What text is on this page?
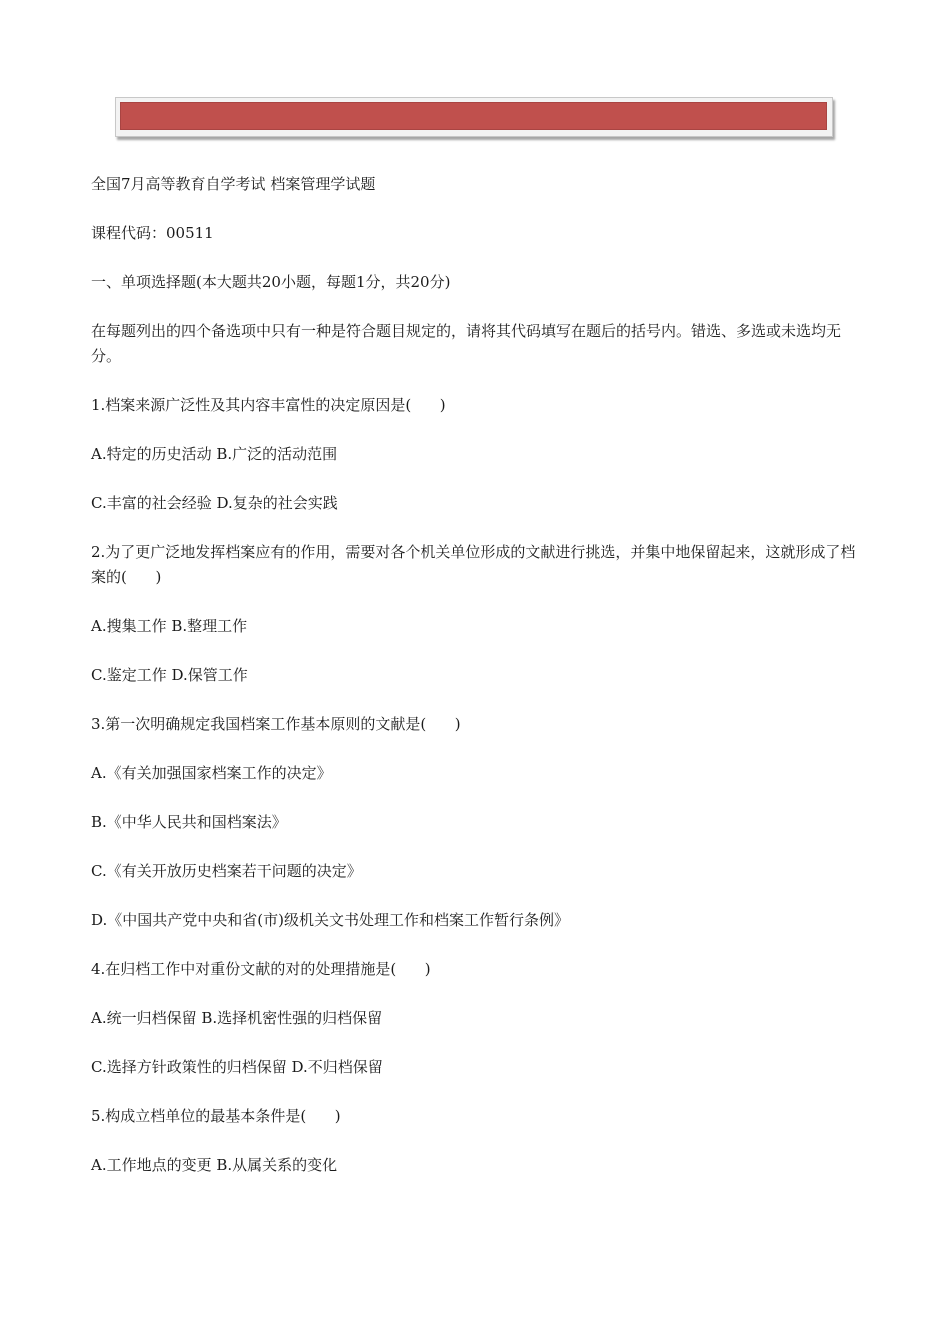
全国7月高等教育自学考试 档案管理学试题

课程代码：00511

一、单项选择题(本大题共20小题，每题1分，共20分)

在每题列出的四个备选项中只有一种是符合题目规定的，请将其代码填写在题后的括号内。错选、多选或未选均无分。

1.档案来源广泛性及其内容丰富性的决定原因是(      )

A.特定的历史活动 B.广泛的活动范围

C.丰富的社会经验 D.复杂的社会实践

2.为了更广泛地发挥档案应有的作用，需要对各个机关单位形成的文献进行挑选，并集中地保留起来，这就形成了档案的(      )

A.搜集工作 B.整理工作

C.鉴定工作 D.保管工作

3.第一次明确规定我国档案工作基本原则的文献是(      )

A.《有关加强国家档案工作的决定》

B.《中华人民共和国档案法》

C.《有关开放历史档案若干问题的决定》

D.《中国共产党中央和省(市)级机关文书处理工作和档案工作暂行条例》

4.在归档工作中对重份文献的对的处理措施是(      )

A.统一归档保留 B.选择机密性强的归档保留

C.选择方针政策性的归档保留 D.不归档保留

5.构成立档单位的最基本条件是(      )

A.工作地点的变更 B.从属关系的变化
